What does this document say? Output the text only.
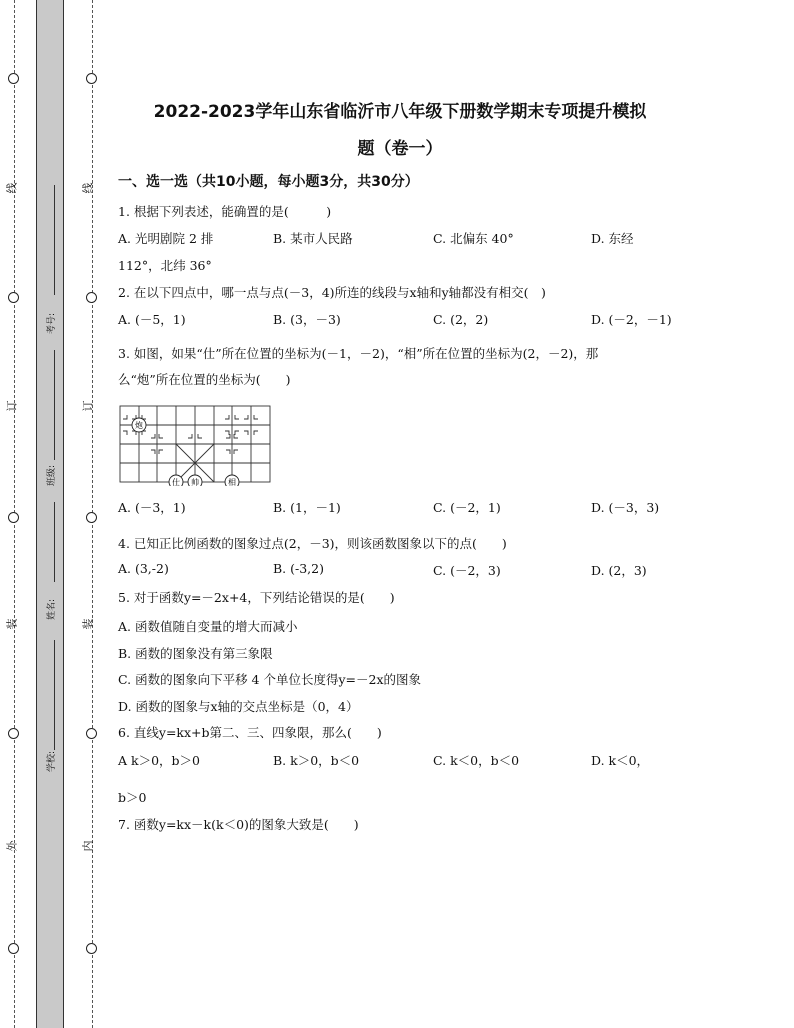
线
订
装
外
线
订
装
内
考号:
班级:
姓名:
学校:
2022-2023学年山东省临沂市八年级下册数学期末专项提升模拟
题（卷一）
一、选一选（共10小题，每小题3分，共30分）
1. 根据下列表述，能确置的是(　　　)
A. 光明剧院 2 排	B. 某市人民路	C. 北偏东 40°	D. 东经
112°，北纬 36°
2. 在以下四点中，哪一点与点(－3，4)所连的线段与x轴和y轴都没有相交(　)
A. (－5，1)	B. (3，－3)	C. (2，2)	D. (－2，－1)
3. 如图，如果“仕”所在位置的坐标为(－1，－2)，“相”所在位置的坐标为(2，－2)，那
么“炮”所在位置的坐标为(　　)
炮
仕 帅	相
A. (－3，1)	B. (1，－1)	C. (－2，1)	D. (－3，3)
4. 已知正比例函数的图象过点(2，－3)，则该函数图象以下的点(　　)
A. (3,-2)	B. (-3,2)	C. (－2，3)	D. (2，3)
5. 对于函数y=－2x+4，下列结论错误的是(　　)
A. 函数值随自变量的增大而减小
B. 函数的图象没有第三象限
C. 函数的图象向下平移 4 个单位长度得y=－2x的图象
D. 函数的图象与x轴的交点坐标是（0，4）
6. 直线y=kx+b第二、三、四象限，那么(　　)
A k＞0，b＞0	B. k＞0，b＜0	C. k＜0，b＜0	D. k＜0，
b＞0
7. 函数y=kx－k(k＜0)的图象大致是(　　)
